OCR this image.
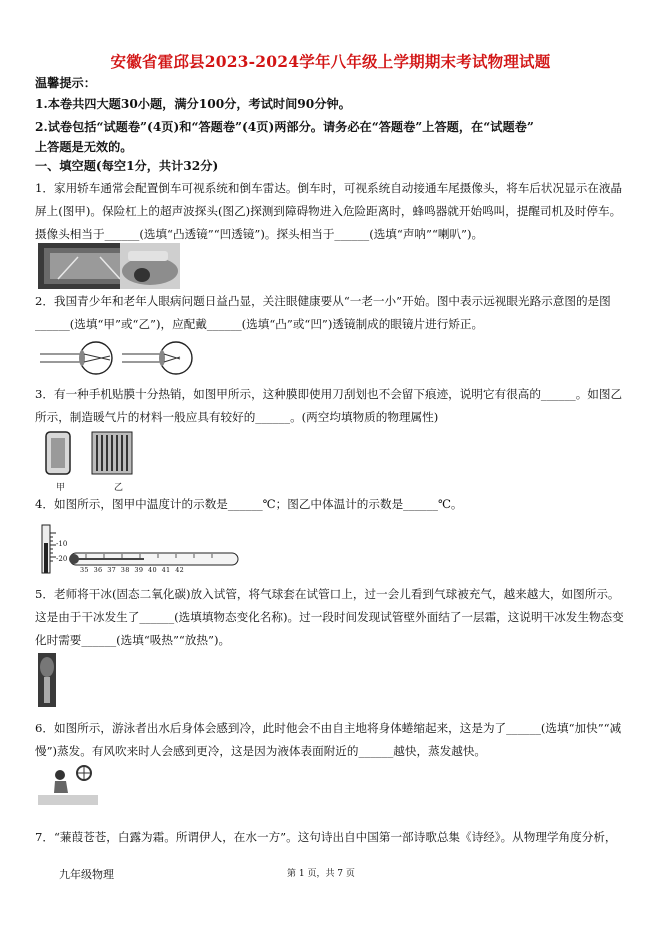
安徽省霍邱县2023-2024学年八年级上学期期末考试物理试题
温馨提示：
1.本卷共四大题30小题，满分100分，考试时间90分钟。
2.试卷包括“试题卷”(4页)和“答题卷”(4页)两部分。请务必在“答题卷”上答题，在“试题卷”
上答题是无效的。
一、填空题(每空1分，共计32分)
1．家用轿车通常会配置倒车可视系统和倒车雷达。倒车时，可视系统自动接通车尾摄像头，将车后状况显示在液晶
屏上(图甲)。保险杠上的超声波探头(图乙)探测到障碍物进入危险距离时，蜂鸣器就开始鸣叫，提醒司机及时停车。
摄像头相当于______(选填“凸透镜”“凹透镜”)。探头相当于______(选填“声呐”“喇叭”)。
2．我国青少年和老年人眼病问题日益凸显，关注眼健康要从“一老一小”开始。图中表示远视眼光路示意图的是图
______(选填“甲”或“乙”)，应配戴______(选填“凸”或“凹”)透镜制成的眼镜片进行矫正。
3．有一种手机贴膜十分热销，如图甲所示，这种膜即使用刀刮划也不会留下痕迹，说明它有很高的______。如图乙
所示，制造暖气片的材料一般应具有较好的______。(两空均填物质的物理属性)
甲	乙
4．如图所示，图甲中温度计的示数是______℃；图乙中体温计的示数是______℃。
-10
-20
35  36  37  38  39  40  41  42
5．老师将干冰(固态二氧化碳)放入试管，将气球套在试管口上，过一会儿看到气球被充气，越来越大，如图所示。
这是由于干冰发生了______(选填填物态变化名称)。过一段时间发现试管壁外面结了一层霜，这说明干冰发生物态变
化时需要______(选填“吸热”“放热”)。
6．如图所示，游泳者出水后身体会感到冷，此时他会不由自主地将身体蜷缩起来，这是为了______(选填“加快”“减
慢”)蒸发。有风吹来时人会感到更冷，这是因为液体表面附近的______越快，蒸发越快。
7．“蒹葭苍苍，白露为霜。所谓伊人，在水一方”。这句诗出自中国第一部诗歌总集《诗经》。从物理学角度分析，
九年级物理	第 1 页，共 7 页
